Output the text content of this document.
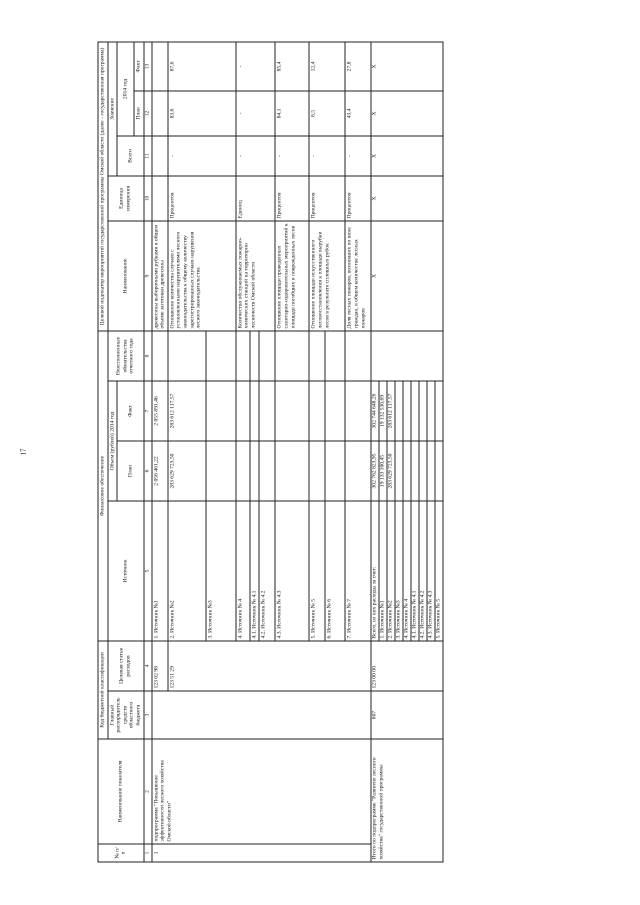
17
№ п/п	Наименование показателя	Код бюджетной классификации		Финансовое обеспечение				Целевой индикатор мероприятий государственной программы Омской области (далее - государственная программа)				
		Главный распорядитель средств областного бюджета	Целевая статья расходов	Источник	Объем (рублей) 2014 год		Неисполненные обязательства отчетного года	Наименование	Единица измерения	Значение		
					План	Факт				Всего	2014 год	
											План	Факт
1	2	3	4	5	6	7	8	9	10	11	12	13
1	подпрограмма "Повышение эффективности лесного хозяйства Омской области"		123 02 98	1. Источник №1	2 056 461,22	2 055 891,46		древесины выборочными рубками в общем объеме заготовки древесины				
			123 51 29	2. Источник №2	283 629 723,50	283 612 117,57		Отношение количества случаев с установленными нарушителями лесного законодательства к общему количеству зарегистрированных случаев нарушения лесного законодательства	Процентов	-	83,6	87,6
				3. Источник №3								
				4. Источник № 4				Количество обслуживаемых пожарно-химических станций на территории лесничеств Омской области	Единиц	-	-	-
				4.1. Источник № 4.1								
				4.2. Источник № 4.2								
				4.3. Источник № 4.3				Отношение площади проведенных санитарно-оздоровительных мероприятий к площади погибших и поврежденных лесов	Процентов	-	84,1	85,4
				5. Источник № 5				Отношение площади искусственного лесовосстановления к площади вырубки лесов в результате сплошных рубок	Процентов	-	8,5	12,4
				6. Источник № 6								
				7. Источник № 7				Доля лесных пожаров, возникших по вине граждан, в общем количестве лесных пожаров	Процентов	-	43,4	27,8
Итого по подпрограмме "Развитие лесного хозяйства" государственной программы		807	123 00 00	Всего, из них расходы за счет:	302 762 823,95	302 744 648,26		X	X	X	X	X
				1. Источник №1	19 133 100,45	19 132 530,69						
				2. Источник №2	283 629 723,50	283 612 117,57						
				3. Источник №3								
				4. Источник № 4								
				4.1. Источник № 4.1								
				4.2. Источник № 4.2								
				4.3. Источник № 4.3								
				5. Источник № 5								
